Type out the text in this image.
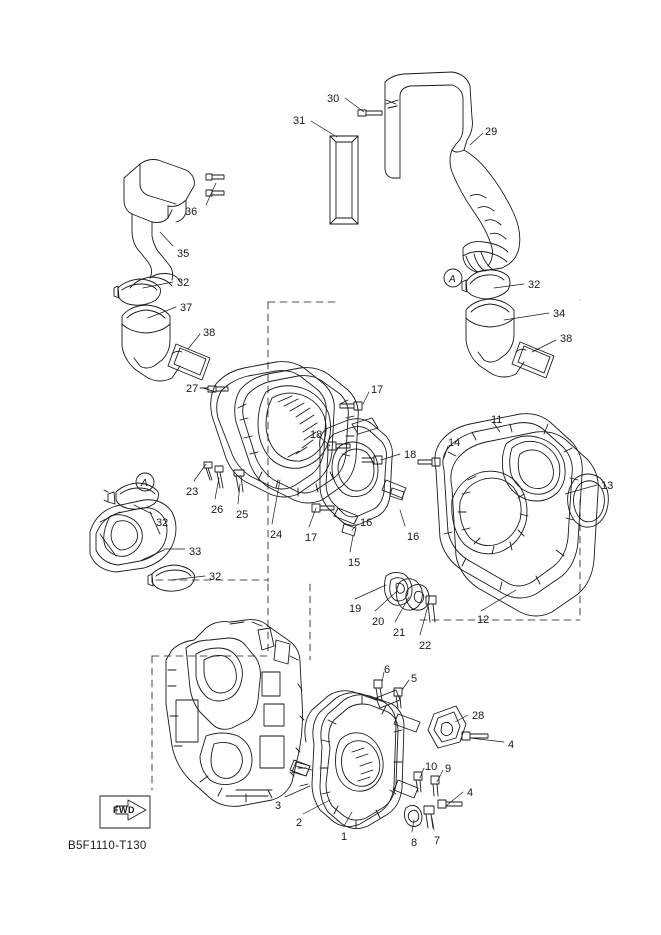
30
31
29
36
35
32
37
38
32
34
38
27	17
11
18
18
14
13
23
26 25
24 17
16
16
15
32
33
32
19
20
21
22
12
6
5
28
4
10 9
3
2
1	8 7
4
A
A
FWD
B5F1110-T130
